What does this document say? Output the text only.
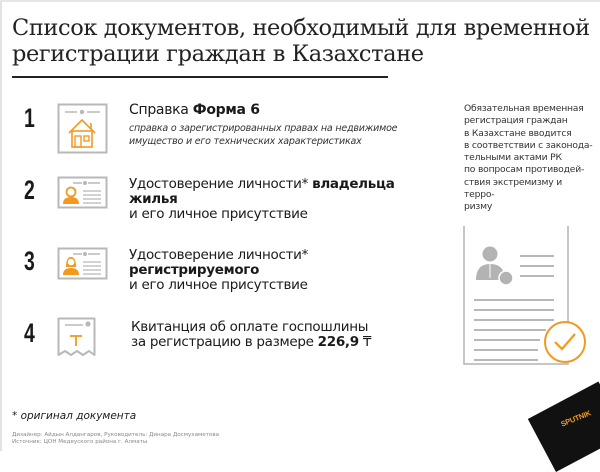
Список документов, необходимый для временной
регистрации граждан в Казахстане
1	Справка Форма 6
справка о зарегистрированных правах на недвижимое
имущество и его технических характеристиках
2	Удостоверение личности* владельца жилья
и его личное присутствие
3	Удостоверение личности* регистрируемого
и его личное присутствие
4	Квитанция об оплате госпошлины
за регистрацию в размере 226,9 ₸
Обязательная временная
регистрация граждан
в Казахстане вводится
в соответствии с законода-
тельными актами РК
по вопросам противодей-
ствия экстремизму и терро-
ризму
* оригинал документа
Дизайнер: Айдын Алдангаров, Руководитель: Динара Досмухаметова
Источник: ЦОН Медеуского района г. Алматы
SPUTNIK
